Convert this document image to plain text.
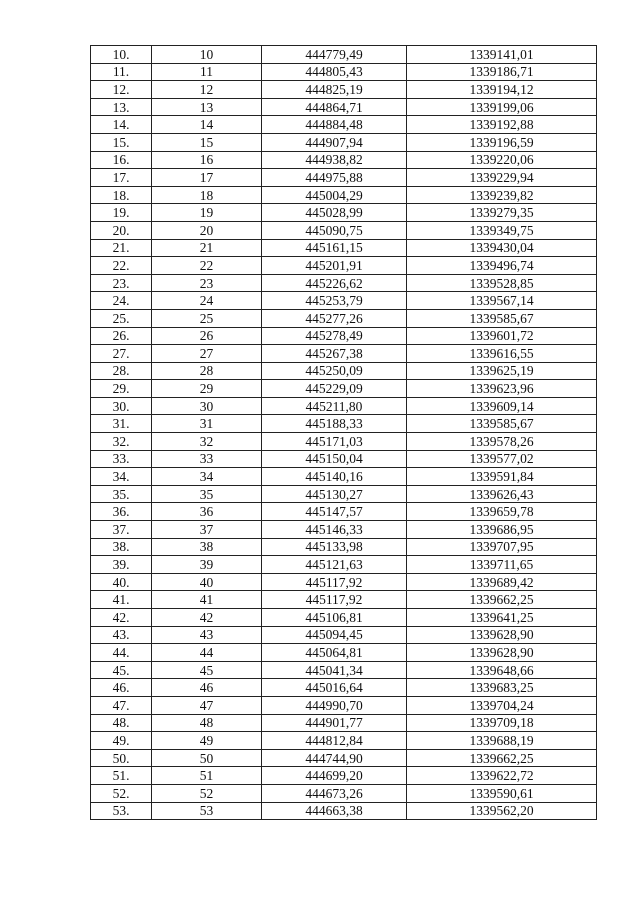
10.	10	444779,49	1339141,01
11.	11	444805,43	1339186,71
12.	12	444825,19	1339194,12
13.	13	444864,71	1339199,06
14.	14	444884,48	1339192,88
15.	15	444907,94	1339196,59
16.	16	444938,82	1339220,06
17.	17	444975,88	1339229,94
18.	18	445004,29	1339239,82
19.	19	445028,99	1339279,35
20.	20	445090,75	1339349,75
21.	21	445161,15	1339430,04
22.	22	445201,91	1339496,74
23.	23	445226,62	1339528,85
24.	24	445253,79	1339567,14
25.	25	445277,26	1339585,67
26.	26	445278,49	1339601,72
27.	27	445267,38	1339616,55
28.	28	445250,09	1339625,19
29.	29	445229,09	1339623,96
30.	30	445211,80	1339609,14
31.	31	445188,33	1339585,67
32.	32	445171,03	1339578,26
33.	33	445150,04	1339577,02
34.	34	445140,16	1339591,84
35.	35	445130,27	1339626,43
36.	36	445147,57	1339659,78
37.	37	445146,33	1339686,95
38.	38	445133,98	1339707,95
39.	39	445121,63	1339711,65
40.	40	445117,92	1339689,42
41.	41	445117,92	1339662,25
42.	42	445106,81	1339641,25
43.	43	445094,45	1339628,90
44.	44	445064,81	1339628,90
45.	45	445041,34	1339648,66
46.	46	445016,64	1339683,25
47.	47	444990,70	1339704,24
48.	48	444901,77	1339709,18
49.	49	444812,84	1339688,19
50.	50	444744,90	1339662,25
51.	51	444699,20	1339622,72
52.	52	444673,26	1339590,61
53.	53	444663,38	1339562,20
